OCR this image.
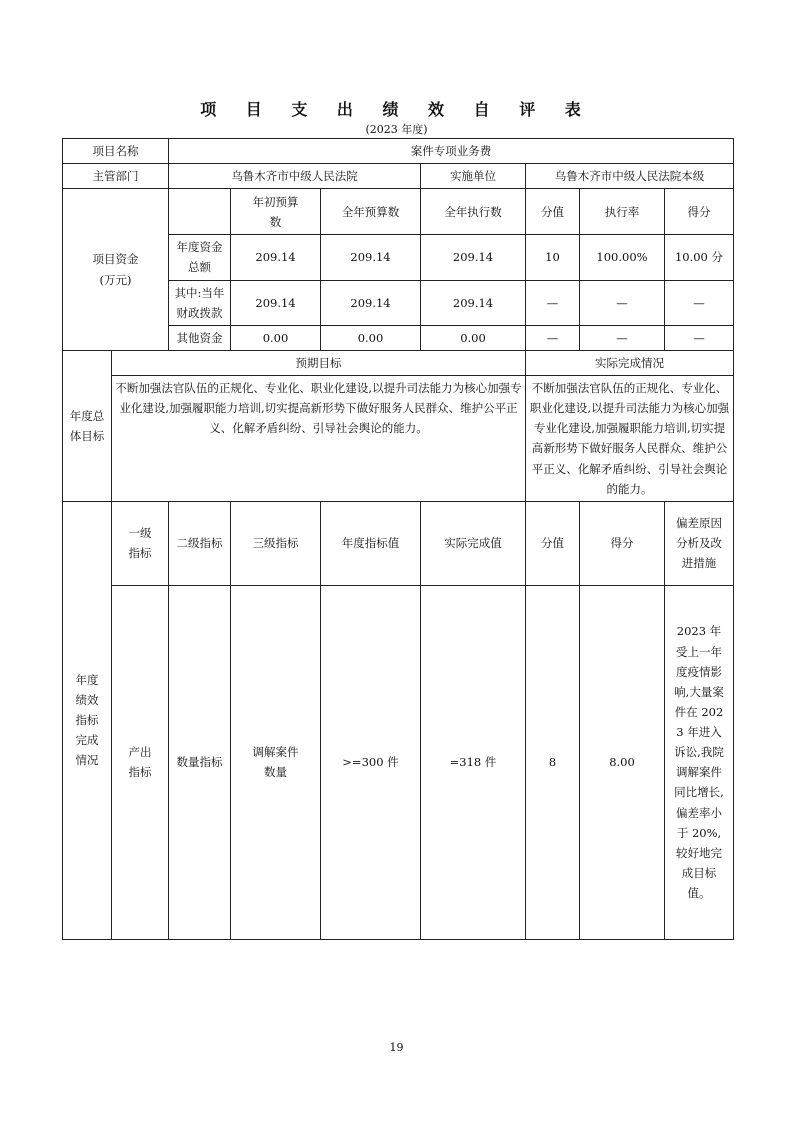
项 目 支 出 绩 效 自 评 表
(2023 年度)
项目名称		案件专项业务费						
主管部门		乌鲁木齐市中级人民法院			实施单位	乌鲁木齐市中级人民法院本级		
项目资金
(万元)			年初预算数	全年预算数	全年执行数	分值	执行率	得分
		年度资金总额	209.14	209.14	209.14	10	100.00%	10.00 分
		其中:当年财政拨款	209.14	209.14	209.14	—	—	—
		其他资金	0.00	0.00	0.00	—	—	—
年度总体目标	预期目标					实际完成情况		
	不断加强法官队伍的正规化、专业化、职业化建设,以提升司法能力为核心加强专业化建设,加强履职能力培训,切实提高新形势下做好服务人民群众、维护公平正义、化解矛盾纠纷、引导社会舆论的能力。					不断加强法官队伍的正规化、专业化、职业化建设,以提升司法能力为核心加强专业化建设,加强履职能力培训,切实提高新形势下做好服务人民群众、维护公平正义、化解矛盾纠纷、引导社会舆论的能力。		
年度绩效指标完成情况	一级指标	二级指标	三级指标	年度指标值	实际完成值	分值	得分	偏差原因分析及改进措施
	产出指标	数量指标	调解案件数量	>=300 件	=318 件	8	8.00	2023 年受上一年度疫情影响,大量案件在 2023 年进入诉讼,我院调解案件同比增长,偏差率小于 20%,较好地完成目标值。
19
